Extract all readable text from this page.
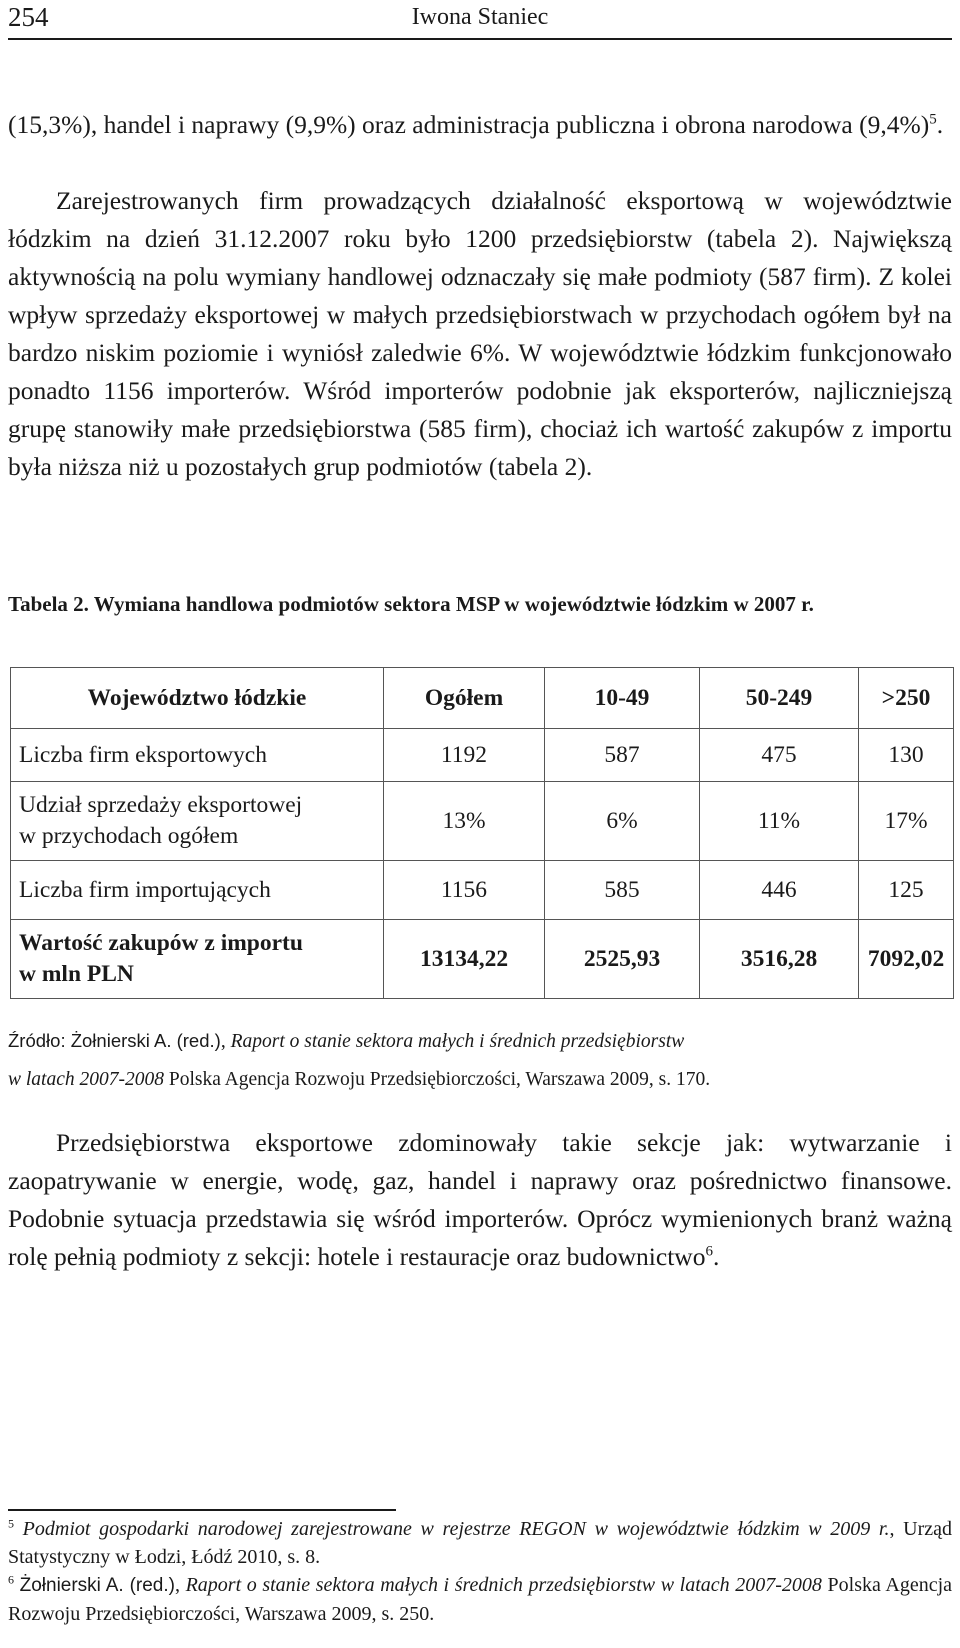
254	Iwona Staniec

(15,3%), handel i naprawy (9,9%) oraz administracja publiczna i obrona narodowa $(9,4\%)^5$.

Zarejestrowanych firm prowadzących działalność eksportową w województwie łódzkim na dzień 31.12.2007 roku było 1200 przedsiębiorstw (tabela 2). Największą aktywnością na polu wymiany handlowej odznaczały się małe podmioty (587 firm). Z kolei wpływ sprzedaży eksportowej w małych przedsiębiorstwach w przychodach ogółem był na bardzo niskim poziomie i wyniósł zaledwie 6%. W województwie łódzkim funkcjonowało ponadto 1156 importerów. Wśród importerów podobnie jak eksporterów, najliczniejszą grupę stanowiły małe przedsiębiorstwa (585 firm), chociaż ich wartość zakupów z importu była niższa niż u pozostałych grup podmiotów (tabela 2).

Tabela 2. Wymiana handlowa podmiotów sektora MSP w województwie łódzkim w 2007 r.

Województwo łódzkie	Ogółem	10-49	50-249	>250
Liczba firm eksportowych	1192	587	475	130
Udział sprzedaży eksportowej
w przychodach ogółem	13%	6%	11%	17%
Liczba firm importujących	1156	585	446	125
Wartość zakupów z importu
w mln PLN	13134,22	2525,93	3516,28	7092,02

Źródło: Żołnierski A. (red.), Raport o stanie sektora małych i średnich przedsiębiorstw
w latach 2007-2008 Polska Agencja Rozwoju Przedsiębiorczości, Warszawa 2009, s. 170.

Przedsiębiorstwa eksportowe zdominowały takie sekcje jak: wytwarzanie i zaopatrywanie w energie, wodę, gaz, handel i naprawy oraz pośrednictwo finansowe. Podobnie sytuacja przedstawia się wśród importerów. Oprócz wymienionych branż ważną rolę pełnią podmioty z sekcji: hotele i restauracje oraz budownictwo$^6$.

$^5$ Podmiot gospodarki narodowej zarejestrowane w rejestrze REGON w województwie łódzkim w 2009 r., Urząd Statystyczny w Łodzi, Łódź 2010, s. 8.

$^6$ Żołnierski A. (red.), Raport o stanie sektora małych i średnich przedsiębiorstw w latach 2007-2008 Polska Agencja Rozwoju Przedsiębiorczości, Warszawa 2009, s. 250.
